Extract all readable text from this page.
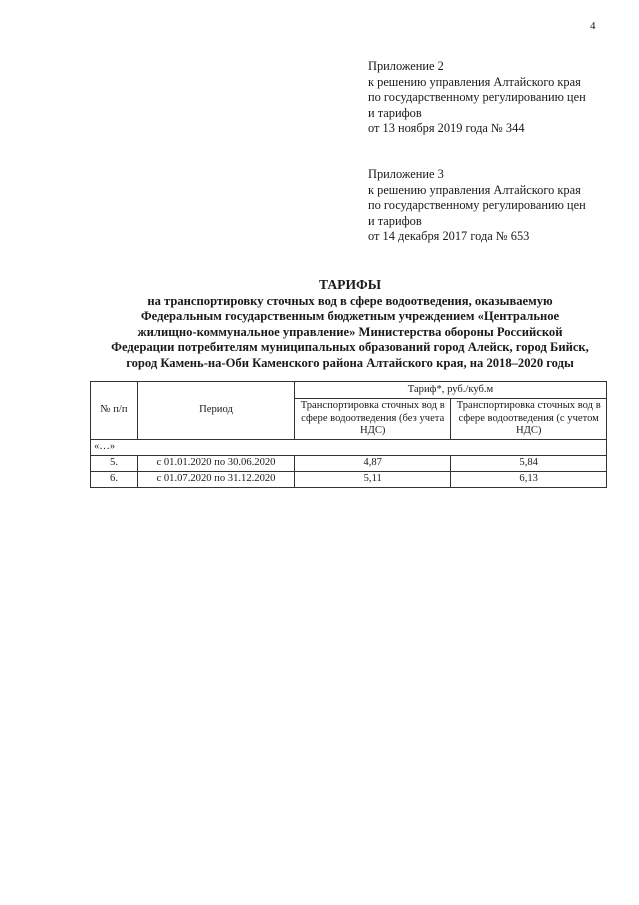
4
Приложение 2
к решению управления Алтайского края
по государственному регулированию цен
и тарифов
от 13 ноября 2019 года № 344
Приложение 3
к решению управления Алтайского края
по государственному регулированию цен
и тарифов
от 14 декабря 2017 года № 653
ТАРИФЫ
на транспортировку сточных вод в сфере водоотведения, оказываемую
Федеральным государственным бюджетным учреждением «Центральное
жилищно-коммунальное управление» Министерства обороны Российской
Федерации потребителям муниципальных образований город Алейск, город Бийск,
город Камень-на-Оби Каменского района Алтайского края, на 2018–2020 годы
№ п/п	Период	Тариф*, руб./куб.м	
		Транспортировка сточных вод в сфере водоотведения (без учета НДС)	Транспортировка сточных вод в сфере водоотведения (с учетом НДС)
«…»			
5.	с 01.01.2020 по 30.06.2020	4,87	5,84
6.	с 01.07.2020 по 31.12.2020	5,11	6,13
